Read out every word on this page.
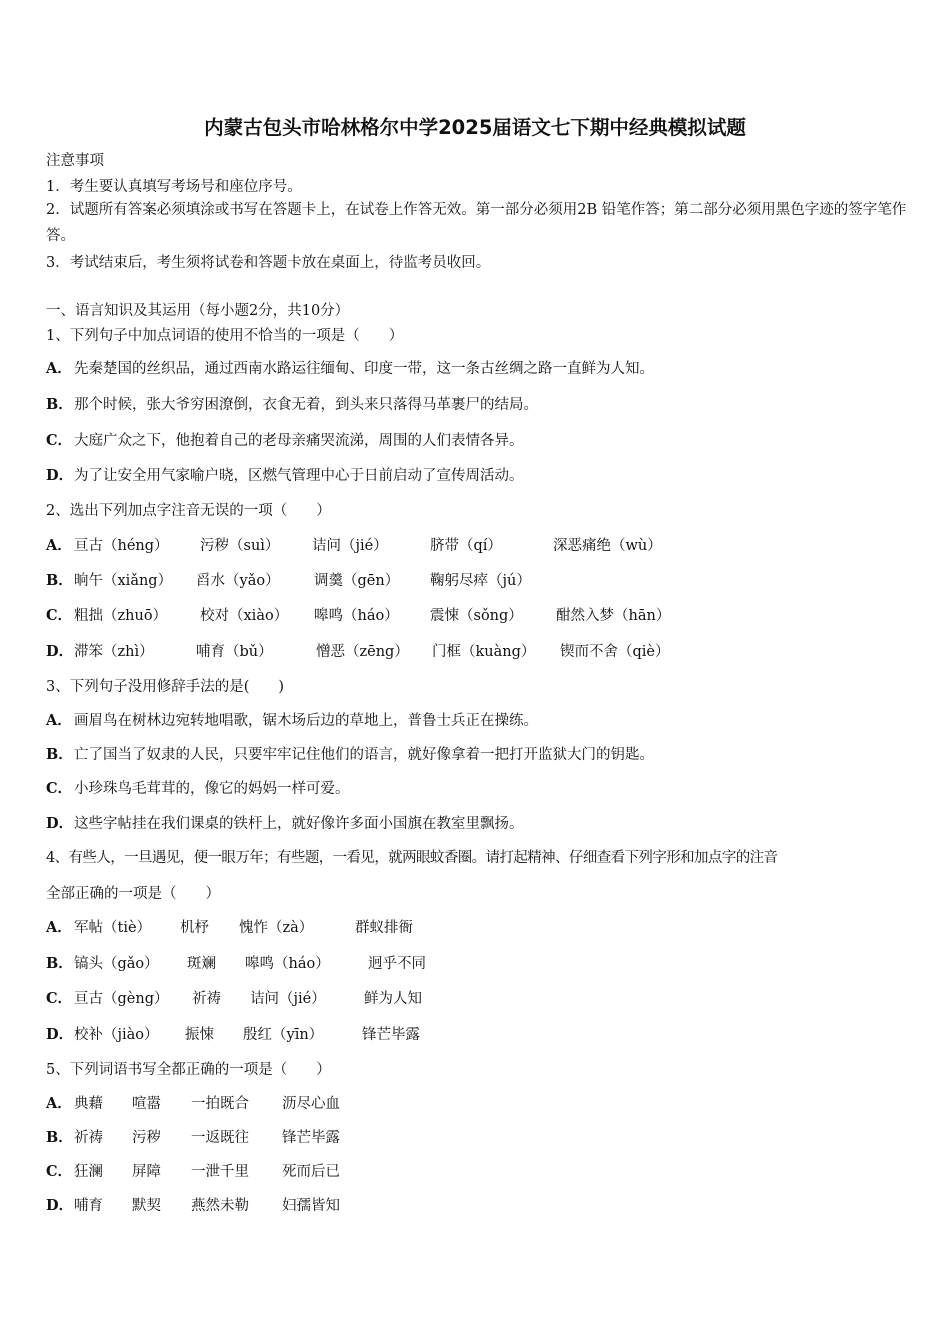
内蒙古包头市哈林格尔中学2025届语文七下期中经典模拟试题
注意事项
1．考生要认真填写考场号和座位序号。
2．试题所有答案必须填涂或书写在答题卡上，在试卷上作答无效。第一部分必须用2B 铅笔作答；第二部分必须用黑色字迹的签字笔作答。
3．考试结束后，考生须将试卷和答题卡放在桌面上，待监考员收回。
一、语言知识及其运用（每小题2分，共10分）
1、下列句子中加点词语的使用不恰当的一项是（　　）
A． 先秦楚国的丝织品，通过西南水路运往缅甸、印度一带，这一条古丝绸之路一直鲜为人知。
B． 那个时候，张大爷穷困潦倒，衣食无着，到头来只落得马革裹尸的结局。
C． 大庭广众之下，他抱着自己的老母亲痛哭流涕，周围的人们表情各异。
D． 为了让安全用气家喻户晓，区燃气管理中心于日前启动了宣传周活动。
2、选出下列加点字注音无误的一项（　　）
A． 亘古（héng）	污秽（suì）	诘问（jié）	脐带（qí）	深恶痛绝（wù）
B． 晌午（xiǎng）	舀水（yǎo）	调羹（gēn）	鞠躬尽瘁（jú）
C． 粗拙（zhuō）	校对（xiào）	嗥鸣（háo）	震悚（sǒng）	酣然入梦（hān）
D． 滞笨（zhì）	哺育（bǔ）	憎恶（zēng）	门框（kuàng）	锲而不舍（qiè）
3、下列句子没用修辞手法的是(　　)
A． 画眉鸟在树林边宛转地唱歌，锯木场后边的草地上，普鲁士兵正在操练。
B． 亡了国当了奴隶的人民，只要牢牢记住他们的语言，就好像拿着一把打开监狱大门的钥匙。
C． 小珍珠鸟毛茸茸的，像它的妈妈一样可爱。
D． 这些字帖挂在我们课桌的铁杆上，就好像许多面小国旗在教室里飘扬。
4、有些人，一旦遇见，便一眼万年；有些题，一看见，就两眼蚊香圈。请打起精神、仔细查看下列字形和加点字的注音
全部正确的一项是（　　）
A． 军帖（tiè）	机杼	愧怍（zà）	群蚁排衙
B． 镐头（gǎo）	斑斓	嗥鸣（háo）	迥乎不同
C． 亘古（gèng）	祈祷	诘问（jié）	鲜为人知
D． 校补（jiào）	振悚	殷红（yīn）	锋芒毕露
5、下列词语书写全都正确的一项是（　　）
A． 典藉	喧嚣	一拍既合	沥尽心血
B． 祈祷	污秽	一返既往	锋芒毕露
C． 狂澜	屏障	一泄千里	死而后已
D． 哺育	默契	燕然未勒	妇孺皆知
